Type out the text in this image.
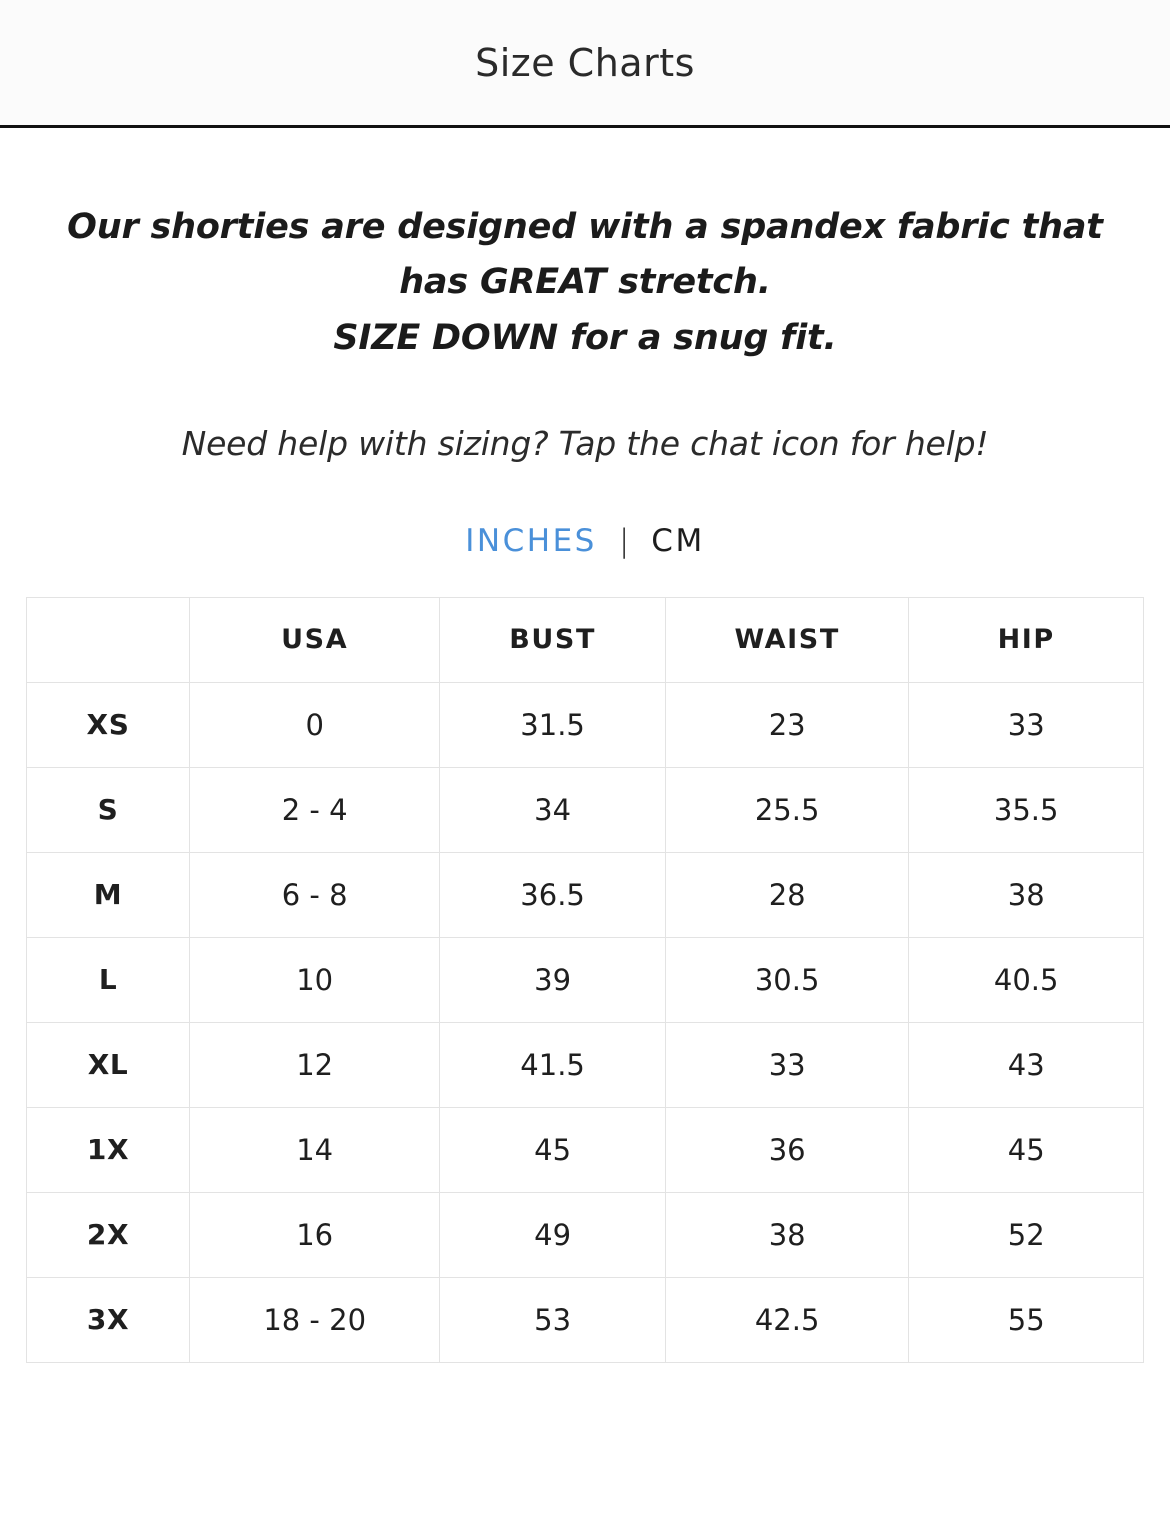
Size Charts
Our shorties are designed with a spandex fabric that has GREAT stretch.
SIZE DOWN for a snug fit.
Need help with sizing? Tap the chat icon for help!
INCHES | CM
	USA	BUST	WAIST	HIP
XS	0	31.5	23	33
S	2 - 4	34	25.5	35.5
M	6 - 8	36.5	28	38
L	10	39	30.5	40.5
XL	12	41.5	33	43
1X	14	45	36	45
2X	16	49	38	52
3X	18 - 20	53	42.5	55
